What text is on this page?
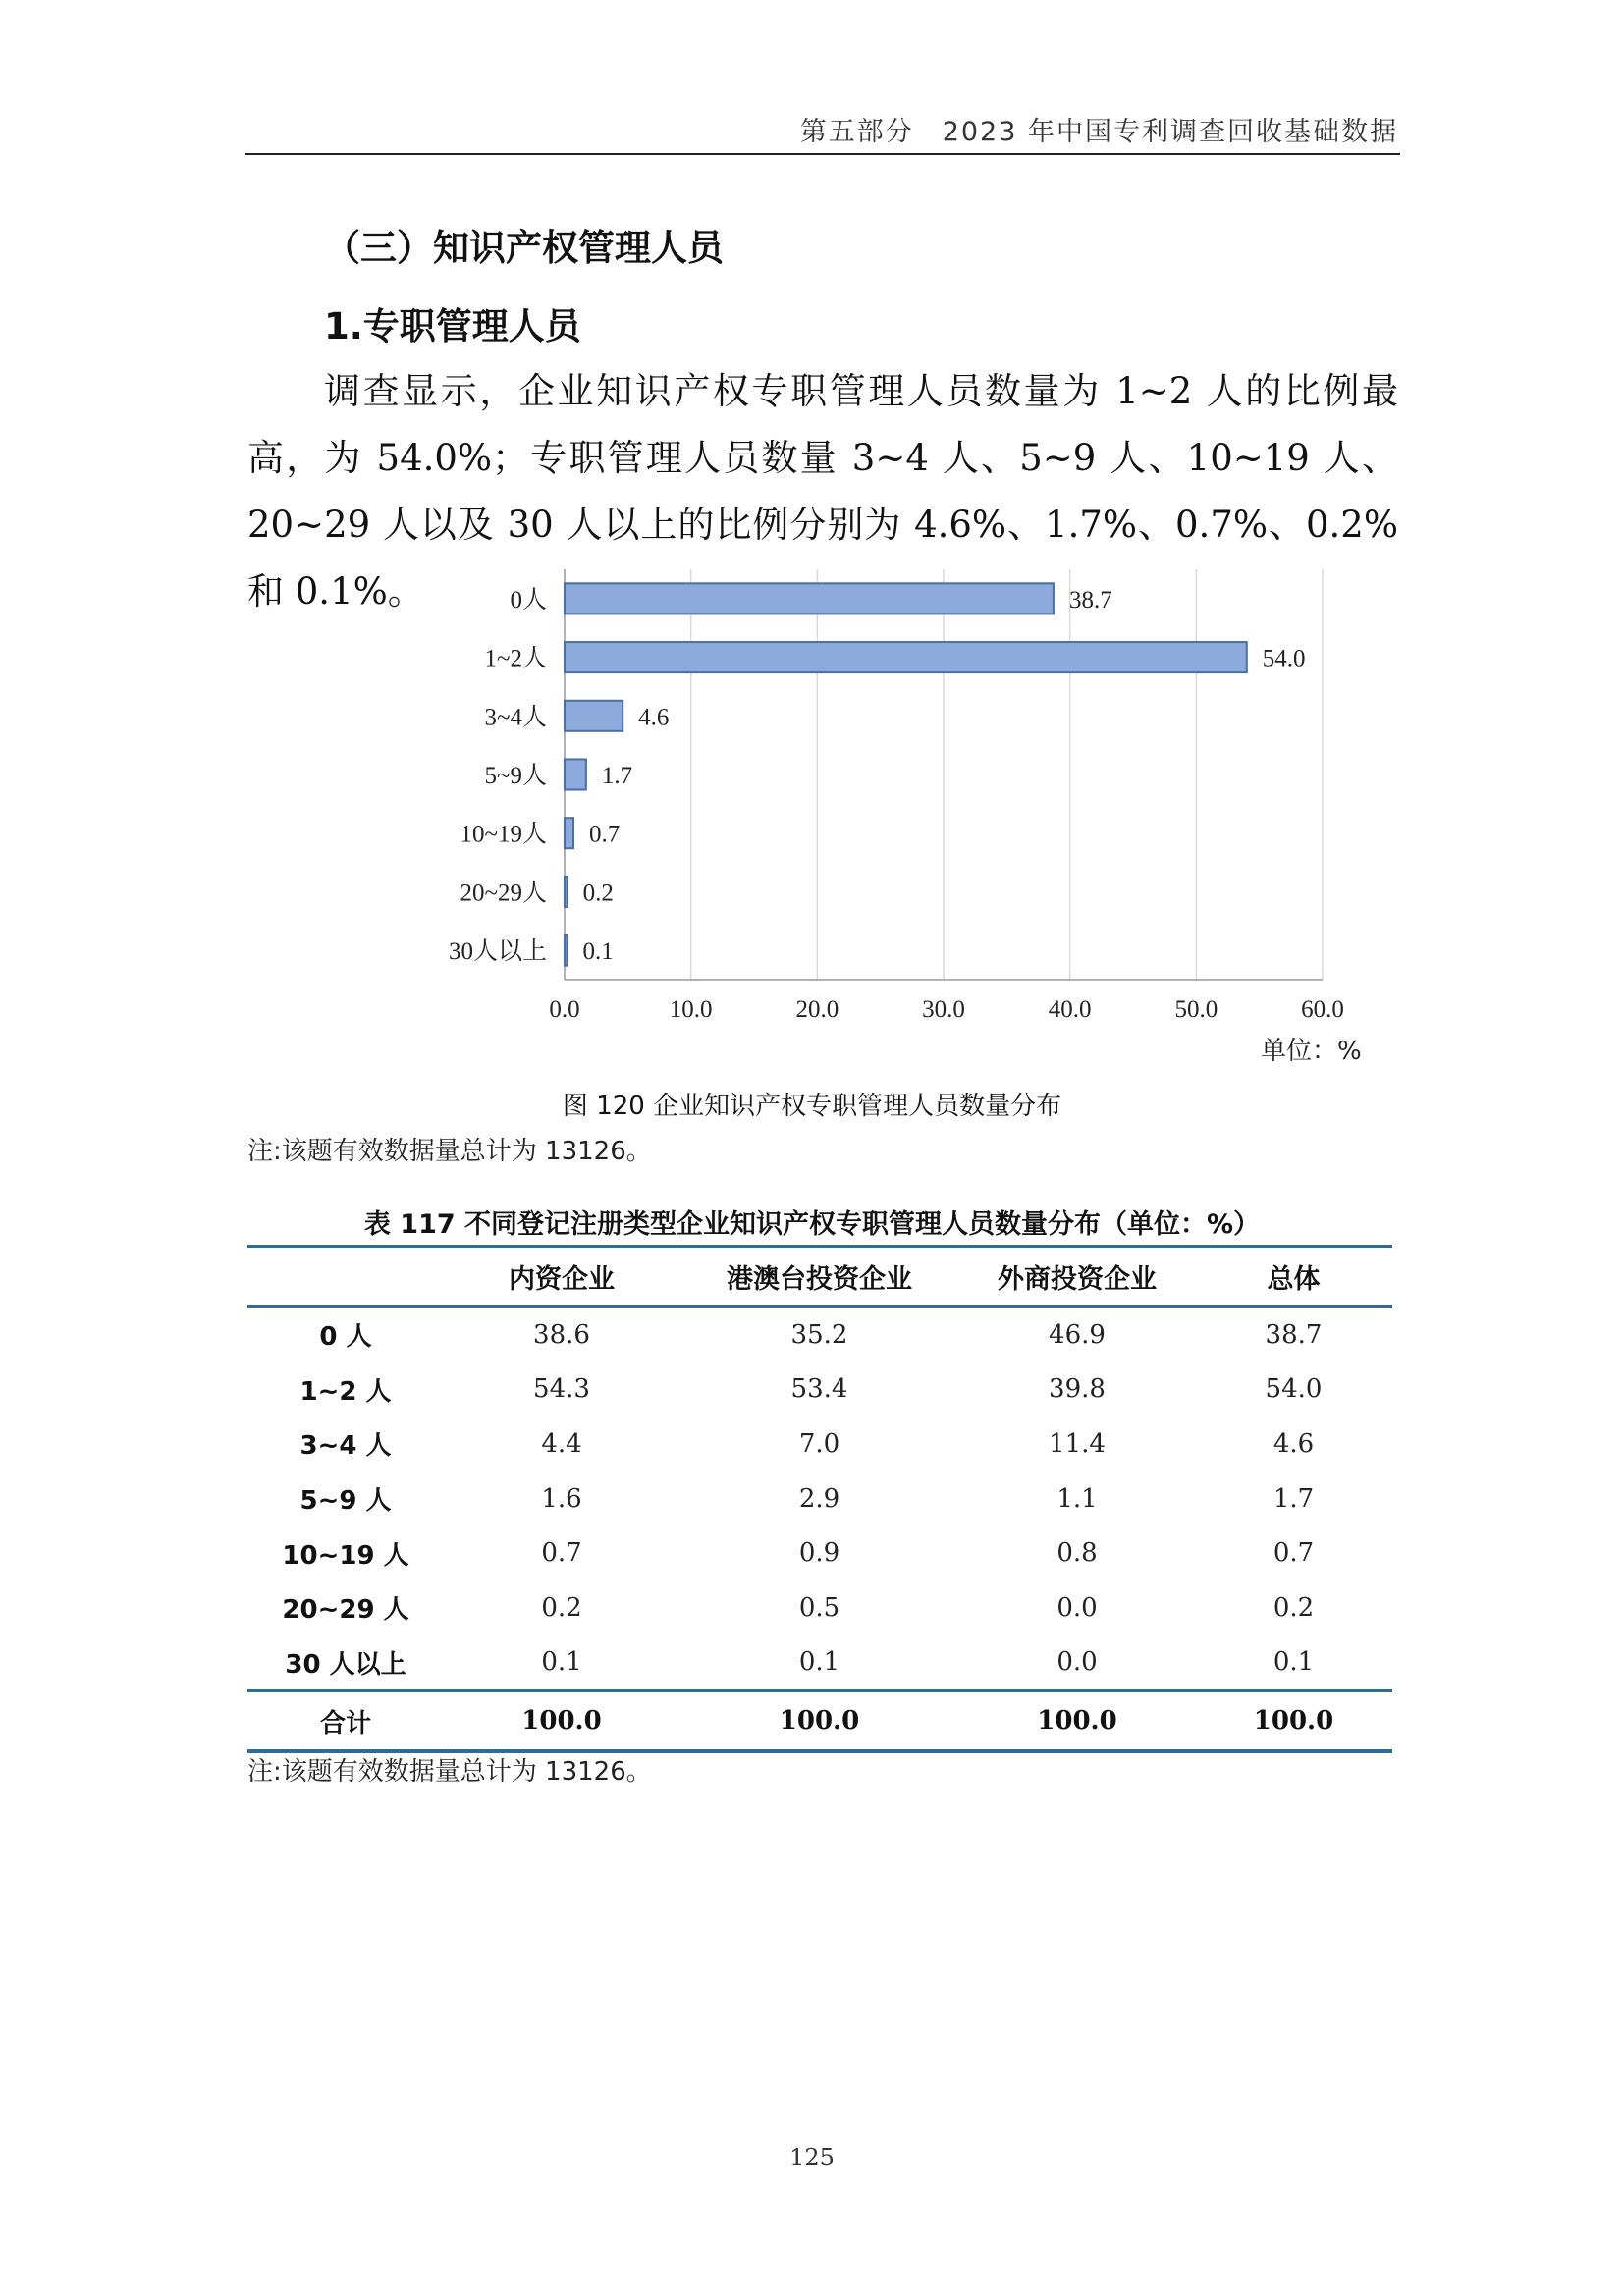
第五部分　2023 年中国专利调查回收基础数据
（三）知识产权管理人员
1.专职管理人员
调查显示，企业知识产权专职管理人员数量为 1~2 人的比例最高，为 54.0%；专职管理人员数量 3~4 人、5~9 人、10~19 人、20~29 人以及 30 人以上的比例分别为 4.6%、1.7%、0.7%、0.2%和 0.1%。
0.0	10.0	20.0	30.0	40.0	50.0	60.0
0人	38.7
1~2人	54.0
3~4人	4.6
5~9人 1.7
10~19人 0.7
20~29人 0.2
30人以上 0.1
单位：%
图 120 企业知识产权专职管理人员数量分布
注:该题有效数据量总计为 13126。
表 117 不同登记注册类型企业知识产权专职管理人员数量分布（单位：%）
	内资企业	港澳台投资企业	外商投资企业	总体
0 人	38.6	35.2	46.9	38.7
1~2 人	54.3	53.4	39.8	54.0
3~4 人	4.4	7.0	11.4	4.6
5~9 人	1.6	2.9	1.1	1.7
10~19 人	0.7	0.9	0.8	0.7
20~29 人	0.2	0.5	0.0	0.2
30 人以上	0.1	0.1	0.0	0.1
合计	100.0	100.0	100.0	100.0
注:该题有效数据量总计为 13126。
125
